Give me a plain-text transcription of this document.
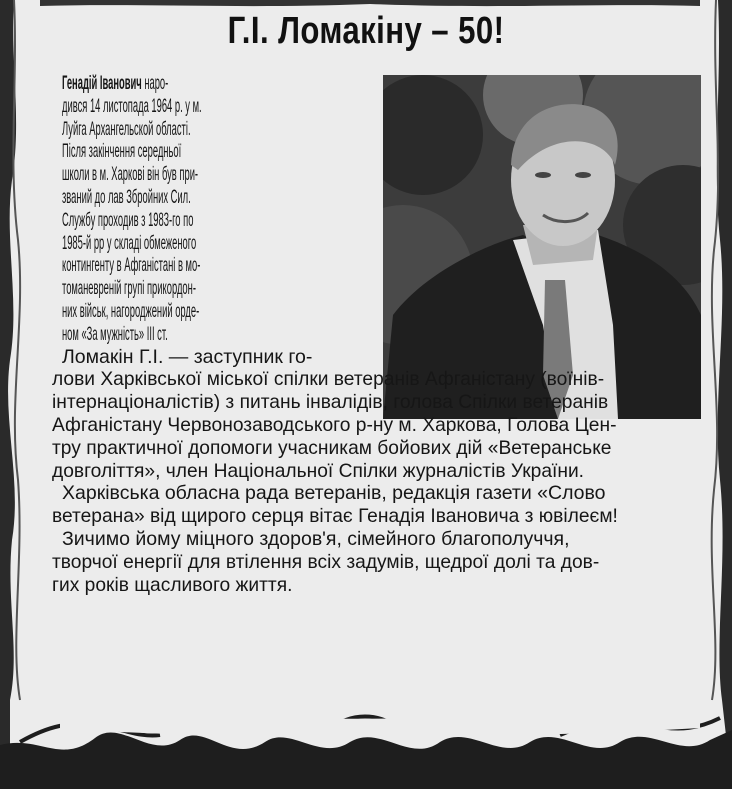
Г.І. Ломакіну – 50!
Генадій Іванович наро-
дився 14 листопада 1964 р. у м.
Луйга Архангельской області.
Після закінчення середньої
школи в м. Харкові він був при-
званий до лав Збройних Сил.
Службу проходив з 1983-го по
1985-й рр у складі обмеженого
контингенту в Афганістані в мо-
томаневреній групі прикордон-
них військ, нагороджений орде-
ном «За мужність» ІІІ ст.
Ломакін Г.І. — заступник го-
лови Харківської міської спілки ветеранів Афганістану (воїнів-
інтернаціоналістів) з питань інвалідів, голова Спілки ветеранів
Афганістану Червонозаводського р-ну м. Харкова, Голова Цен-
тру практичної допомоги учасникам бойових дій «Ветеранське
довголіття», член Національної Спілки журналістів України.
Харківська обласна рада ветеранів, редакція газети «Слово
ветерана» від щирого серця вітає Генадія Івановича з ювілеєм!
Зичимо йому міцного здоров'я, сімейного благополуччя,
творчої енергії для втілення всіх задумів, щедрої долі та дов-
гих років щасливого життя.
